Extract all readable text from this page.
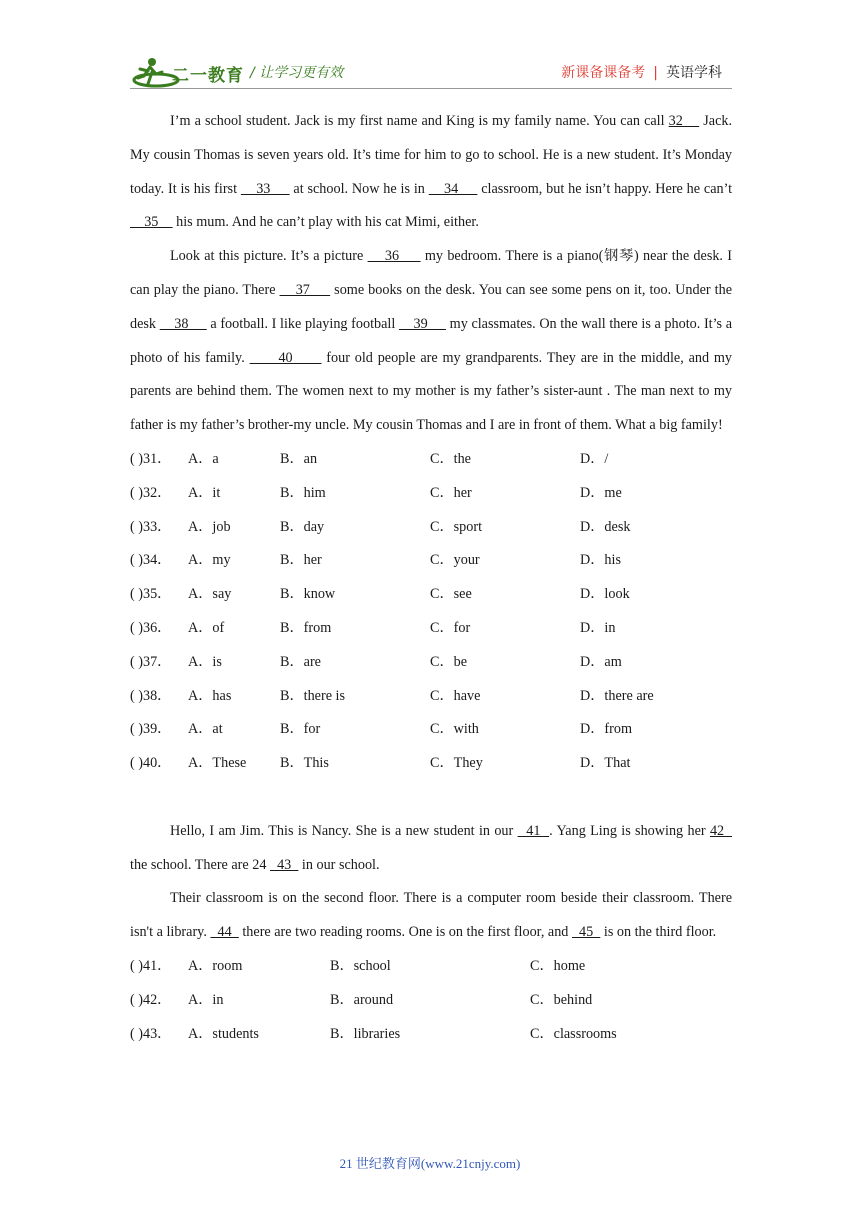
二一教育 / 让学习更有效	新课备课备考 | 英语学科

I’m a school student. Jack is my first name and King is my family name. You can call 32     Jack. My cousin Thomas is seven years old. It’s time for him to go to school. He is a new student. It’s Monday today. It is his first     33      at school. Now he is in     34      classroom, but he isn’t happy. Here he can’t     35     his mum. And he can’t play with his cat Mimi, either.

Look at this picture. It’s a picture     36      my bedroom. There is a piano(钢琴) near the desk. I can play the piano. There     37      some books on the desk. You can see some pens on it, too. Under the desk     38      a football. I like playing football     39      my classmates. On the wall there is a photo. It’s a photo of his family.       40       four old people are my grandparents. They are in the middle, and my parents are behind them. The women next to my mother is my father’s sister-aunt . The man next to my father is my father’s brother-my uncle. My cousin Thomas and I are in front of them. What a big family!

( )31． A．a	B．an	C．the	D．/
( )32． A．it	B．him	C．her	D．me
( )33． A．job	B．day	C．sport	D．desk
( )34． A．my	B．her	C．your	D．his
( )35． A．say	B．know	C．see	D．look
( )36． A．of	B．from	C．for	D．in
( )37． A．is	B．are	C．be	D．am
( )38． A．has	B．there is	C．have	D．there are
( )39． A．at	B．for	C．with	D．from
( )40． A．These B．This	C．They	D．That

Hello, I am Jim. This is Nancy. She is a new student in our   41  . Yang Ling is showing her 42   the school. There are 24   43   in our school.

Their classroom is on the second floor. There is a computer room beside their classroom. There isn't a library.   44   there are two reading rooms. One is on the first floor, and   45   is on the third floor.

( )41． A．room	B．school	C．home
( )42． A．in	B．around	C．behind
( )43． A．students	B．libraries	C．classrooms
21 世纪教育网(www.21cnjy.com)
